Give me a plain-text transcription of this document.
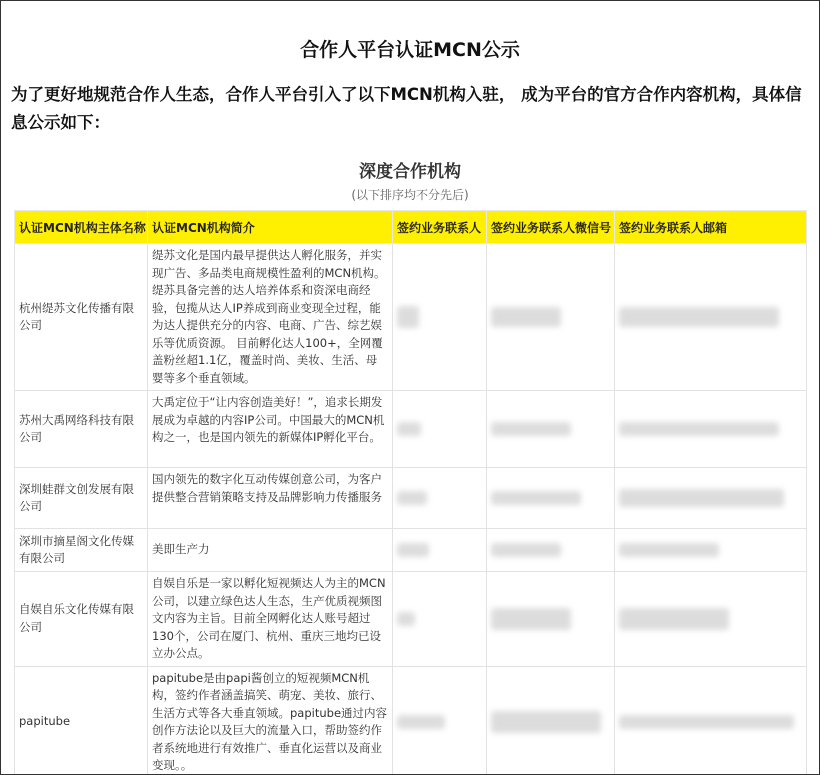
合作人平台认证MCN公示
为了更好地规范合作人生态，合作人平台引入了以下MCN机构入驻， 成为平台的官方合作内容机构，具体信息公示如下：
深度合作机构
(以下排序均不分先后)
认证MCN机构主体名称	认证MCN机构简介	签约业务联系人	签约业务联系人微信号	签约业务联系人邮箱
杭州缇苏文化传播有限公司	缇苏文化是国内最早提供达人孵化服务，并实现广告、多品类电商规模性盈利的MCN机构。 缇苏具备完善的达人培养体系和资深电商经验，包揽从达人IP养成到商业变现全过程，能为达人提供充分的内容、电商、广告、综艺娱乐等优质资源。 目前孵化达人100+，全网覆盖粉丝超1.1亿，覆盖时尚、美妆、生活、母婴等多个垂直领域。	

苏州大禹网络科技有限公司	大禹定位于“让内容创造美好！”，追求长期发展成为卓越的内容IP公司。中国最大的MCN机构之一，也是国内领先的新媒体IP孵化平台。	

深圳蛙群文创发展有限公司	国内领先的数字化互动传媒创意公司，为客户提供整合营销策略支持及品牌影响力传播服务	

深圳市摘星阁文化传媒有限公司	美即生产力	

自娱自乐文化传媒有限公司	自娱自乐是一家以孵化短视频达人为主的MCN公司，以建立绿色达人生态，生产优质视频图文内容为主旨。目前全网孵化达人账号超过130个，公司在厦门、杭州、重庆三地均已设立办公点。	

papitube	papitube是由papi酱创立的短视频MCN机构，签约作者涵盖搞笑、萌宠、美妆、旅行、生活方式等各大垂直领域。papitube通过内容创作方法论以及巨大的流量入口，帮助签约作者系统地进行有效推广、垂直化运营以及商业变现。。	
